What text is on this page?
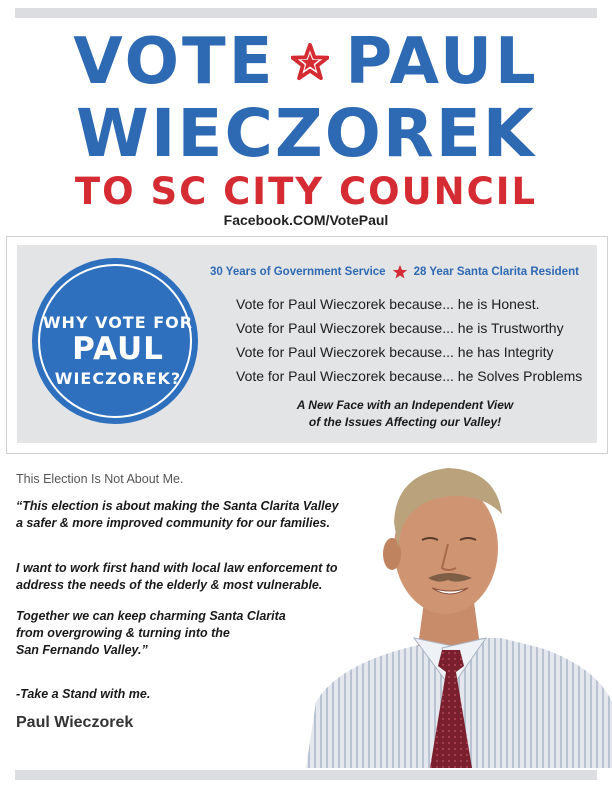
VOTE PAUL
WIECZOREK
TO SC CITY COUNCIL
Facebook.COM/VotePaul
WHY VOTE FOR
PAUL
WIECZOREK?
30 Years of Government Service 28 Year Santa Clarita Resident
Vote for Paul Wieczorek because... he is Honest.
Vote for Paul Wieczorek because... he is Trustworthy
Vote for Paul Wieczorek because... he has Integrity
Vote for Paul Wieczorek because... he Solves Problems
A New Face with an Independent View
of the Issues Affecting our Valley!
This Election Is Not About Me.
“This election is about making the Santa Clarita Valley
a safer & more improved community for our families.
I want to work first hand with local law enforcement to
address the needs of the elderly & most vulnerable.
Together we can keep charming Santa Clarita
from overgrowing & turning into the
San Fernando Valley.”
-Take a Stand with me.
Paul Wieczorek
